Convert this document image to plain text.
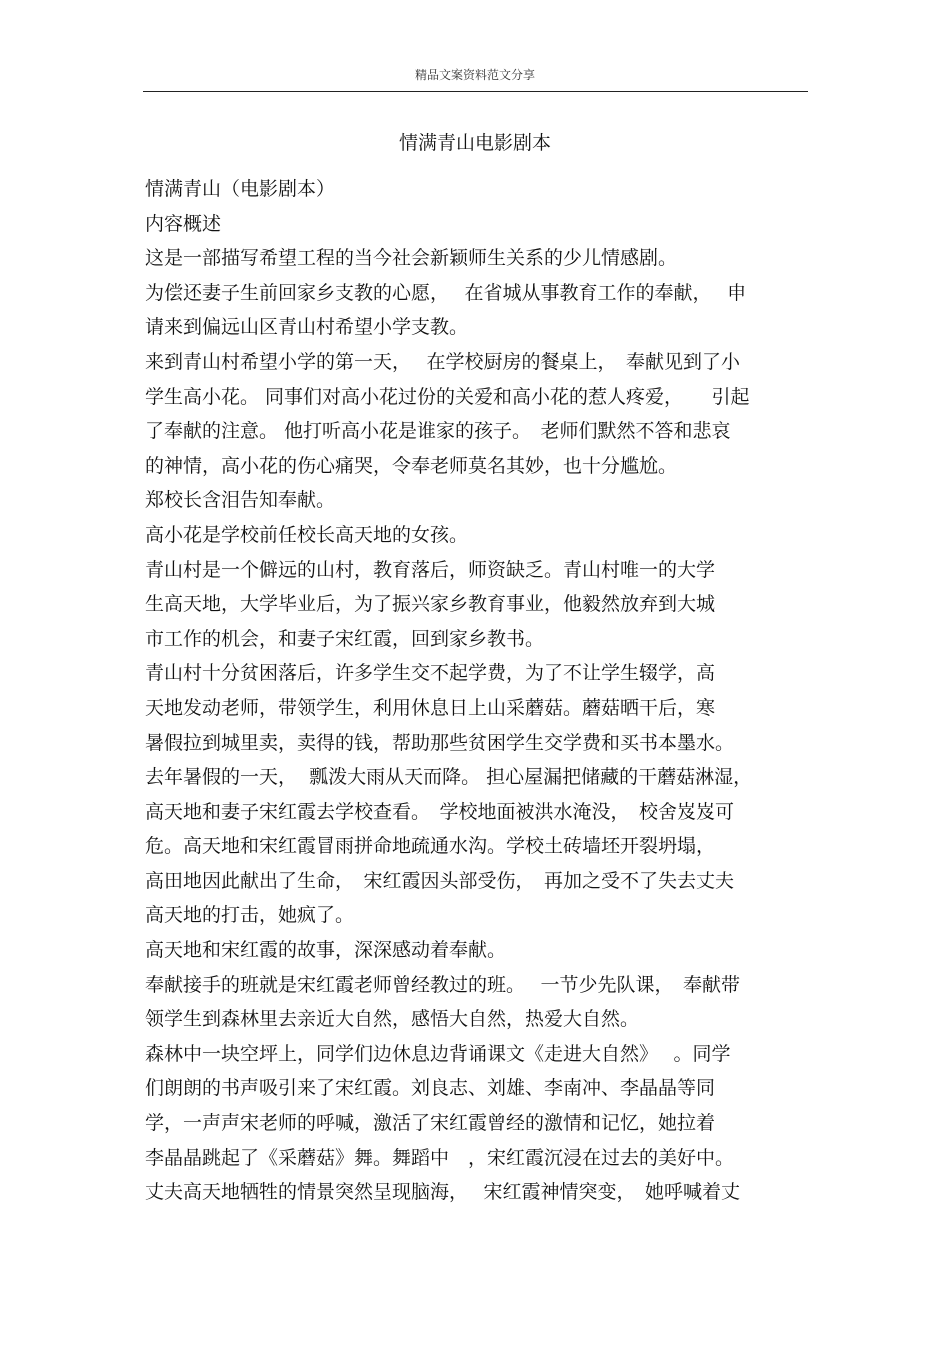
精品文案资料范文分享
情满青山电影剧本
情满青山（电影剧本）
内容概述
这是一部描写希望工程的当今社会新颖师生关系的少儿情感剧。
为偿还妻子生前回家乡支教的心愿，　 在省城从事教育工作的奉献，　 申
请来到偏远山区青山村希望小学支教。
来到青山村希望小学的第一天，　 在学校厨房的餐桌上，　奉献见到了小
学生高小花。 同事们对高小花过份的关爱和高小花的惹人疼爱，　　引起
了奉献的注意。 他打听高小花是谁家的孩子。　老师们默然不答和悲哀
的神情，高小花的伤心痛哭，令奉老师莫名其妙，也十分尴尬。
郑校长含泪告知奉献。
高小花是学校前任校长高天地的女孩。
青山村是一个僻远的山村，教育落后，师资缺乏。青山村唯一的大学
生高天地，大学毕业后，为了振兴家乡教育事业，他毅然放弃到大城
市工作的机会，和妻子宋红霞，回到家乡教书。
青山村十分贫困落后，许多学生交不起学费，为了不让学生辍学，高
天地发动老师，带领学生，利用休息日上山采蘑菇。蘑菇晒干后，寒
暑假拉到城里卖，卖得的钱，帮助那些贫困学生交学费和买书本墨水。
去年暑假的一天，  瓢泼大雨从天而降。 担心屋漏把储藏的干蘑菇淋湿，
高天地和妻子宋红霞去学校查看。　学校地面被洪水淹没，　校舍岌岌可
危。高天地和宋红霞冒雨拼命地疏通水沟。学校土砖墙坯开裂坍塌，
高田地因此献出了生命，　宋红霞因头部受伤，　再加之受不了失去丈夫
高天地的打击，她疯了。
高天地和宋红霞的故事，深深感动着奉献。
奉献接手的班就是宋红霞老师曾经教过的班。　 一节少先队课，　奉献带
领学生到森林里去亲近大自然，感悟大自然，热爱大自然。
森林中一块空坪上，同学们边休息边背诵课文《走进大自然》　 。同学
们朗朗的书声吸引来了宋红霞。刘良志、刘雄、李南冲、李晶晶等同
学，一声声宋老师的呼喊，激活了宋红霞曾经的激情和记忆，她拉着
李晶晶跳起了《采蘑菇》舞。舞蹈中　，宋红霞沉浸在过去的美好中。
丈夫高天地牺牲的情景突然呈现脑海，　 宋红霞神情突变，　她呼喊着丈
